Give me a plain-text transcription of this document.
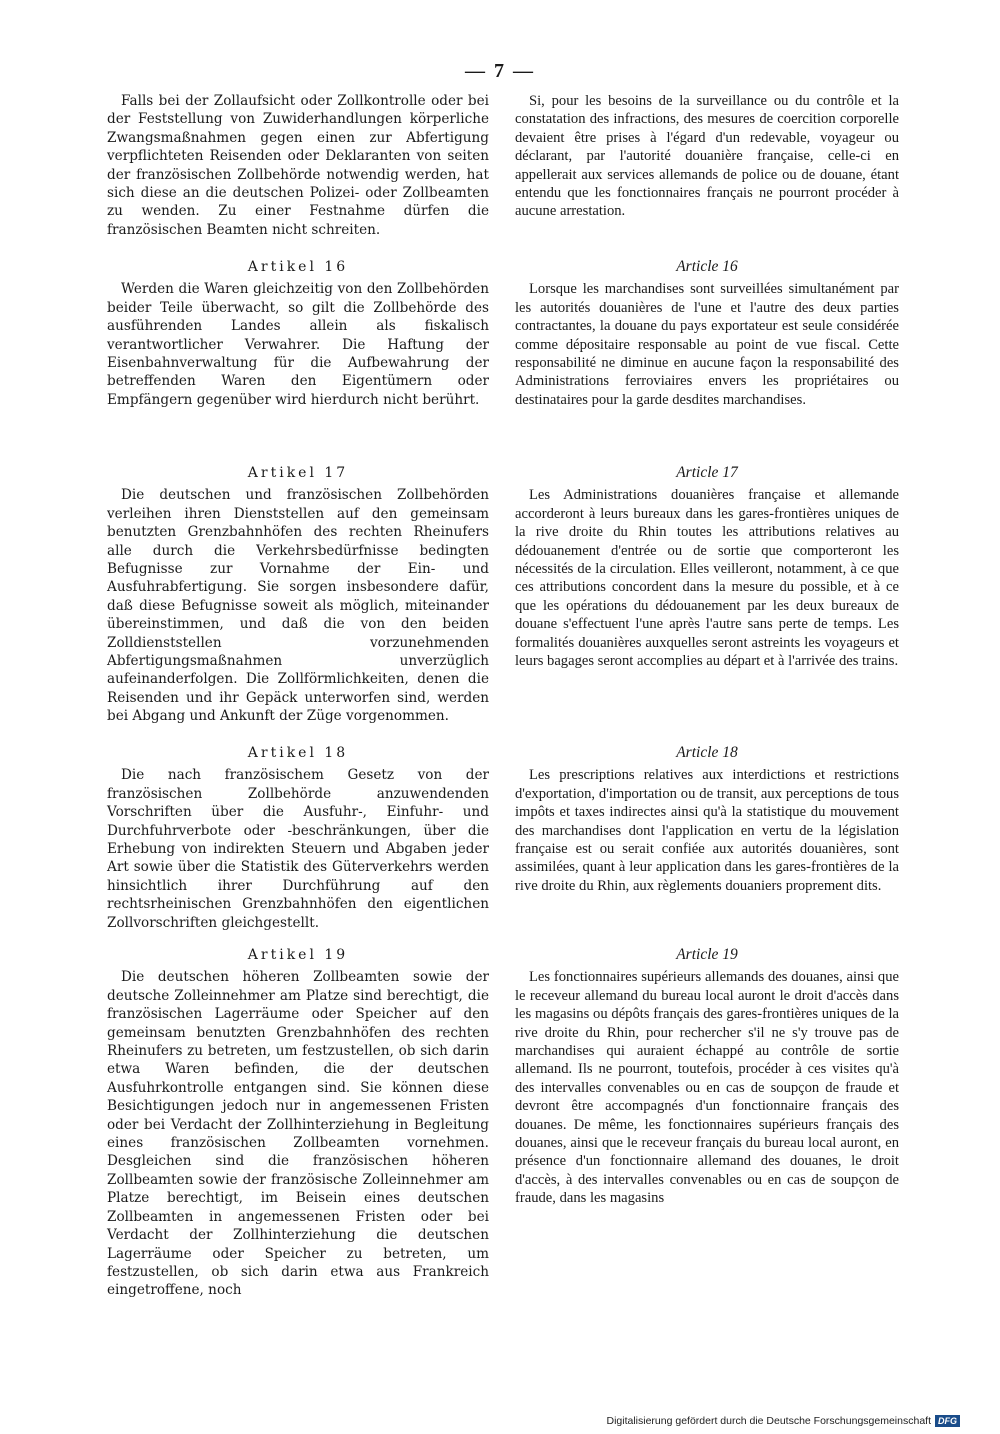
— 7 —

Falls bei der Zollaufsicht oder Zollkontrolle oder bei der Feststellung von Zuwiderhandlungen körperliche Zwangsmaßnahmen gegen einen zur Abfertigung verpflichteten Reisenden oder Deklaranten von seiten der französischen Zollbehörde notwendig werden, hat sich diese an die deutschen Polizei- oder Zollbeamten zu wenden. Zu einer Festnahme dürfen die französischen Beamten nicht schreiten.

Artikel 16

Werden die Waren gleichzeitig von den Zollbehörden beider Teile überwacht, so gilt die Zollbehörde des ausführenden Landes allein als fiskalisch verantwortlicher Verwahrer. Die Haftung der Eisenbahnverwaltung für die Aufbewahrung der betreffenden Waren den Eigentümern oder Empfängern gegenüber wird hierdurch nicht berührt.

Artikel 17

Die deutschen und französischen Zollbehörden verleihen ihren Dienststellen auf den gemeinsam benutzten Grenzbahnhöfen des rechten Rheinufers alle durch die Verkehrsbedürfnisse bedingten Befugnisse zur Vornahme der Ein- und Ausfuhrabfertigung. Sie sorgen insbesondere dafür, daß diese Befugnisse soweit als möglich, miteinander übereinstimmen, und daß die von den beiden Zolldienststellen vorzunehmenden Abfertigungsmaßnahmen unverzüglich aufeinanderfolgen. Die Zollförmlichkeiten, denen die Reisenden und ihr Gepäck unterworfen sind, werden bei Abgang und Ankunft der Züge vorgenommen.

Artikel 18

Die nach französischem Gesetz von der französischen Zollbehörde anzuwendenden Vorschriften über die Ausfuhr-, Einfuhr- und Durchfuhrverbote oder -beschränkungen, über die Erhebung von indirekten Steuern und Abgaben jeder Art sowie über die Statistik des Güterverkehrs werden hinsichtlich ihrer Durchführung auf den rechtsrheinischen Grenzbahnhöfen den eigentlichen Zollvorschriften gleichgestellt.

Artikel 19

Die deutschen höheren Zollbeamten sowie der deutsche Zolleinnehmer am Platze sind berechtigt, die französischen Lagerräume oder Speicher auf den gemeinsam benutzten Grenzbahnhöfen des rechten Rheinufers zu betreten, um festzustellen, ob sich darin etwa Waren befinden, die der deutschen Ausfuhrkontrolle entgangen sind. Sie können diese Besichtigungen jedoch nur in angemessenen Fristen oder bei Verdacht der Zollhinterziehung in Begleitung eines französischen Zollbeamten vornehmen. Desgleichen sind die französischen höheren Zollbeamten sowie der französische Zolleinnehmer am Platze berechtigt, im Beisein eines deutschen Zollbeamten in angemessenen Fristen oder bei Verdacht der Zollhinterziehung die deutschen Lagerräume oder Speicher zu betreten, um festzustellen, ob sich darin etwa aus Frankreich eingetroffene, noch

Si, pour les besoins de la surveillance ou du contrôle et la constatation des infractions, des mesures de coercition corporelle devaient être prises à l'égard d'un redevable, voyageur ou déclarant, par l'autorité douanière française, celle-ci en appellerait aux services allemands de police ou de douane, étant entendu que les fonctionnaires français ne pourront procéder à aucune arrestation.

Article 16

Lorsque les marchandises sont surveillées simultanément par les autorités douanières de l'une et l'autre des deux parties contractantes, la douane du pays exportateur est seule considérée comme dépositaire responsable au point de vue fiscal. Cette responsabilité ne diminue en aucune façon la responsabilité des Administrations ferroviaires envers les propriétaires ou destinataires pour la garde desdites marchandises.

Article 17

Les Administrations douanières française et allemande accorderont à leurs bureaux dans les gares-frontières uniques de la rive droite du Rhin toutes les attributions relatives au dédouanement d'entrée ou de sortie que comporteront les nécessités de la circulation. Elles veilleront, notamment, à ce que ces attributions concordent dans la mesure du possible, et à ce que les opérations du dédouanement par les deux bureaux de douane s'effectuent l'une après l'autre sans perte de temps. Les formalités douanières auxquelles seront astreints les voyageurs et leurs bagages seront accomplies au départ et à l'arrivée des trains.

Article 18

Les prescriptions relatives aux interdictions et restrictions d'exportation, d'importation ou de transit, aux perceptions de tous impôts et taxes indirectes ainsi qu'à la statistique du mouvement des marchandises dont l'application en vertu de la législation française est ou serait confiée aux autorités douanières, sont assimilées, quant à leur application dans les gares-frontières de la rive droite du Rhin, aux règlements douaniers proprement dits.

Article 19

Les fonctionnaires supérieurs allemands des douanes, ainsi que le receveur allemand du bureau local auront le droit d'accès dans les magasins ou dépôts français des gares-frontières uniques de la rive droite du Rhin, pour rechercher s'il ne s'y trouve pas de marchandises qui auraient échappé au contrôle de sortie allemand. Ils ne pourront, toutefois, procéder à ces visites qu'à des intervalles convenables ou en cas de soupçon de fraude et devront être accompagnés d'un fonctionnaire français des douanes. De même, les fonctionnaires supérieurs français des douanes, ainsi que le receveur français du bureau local auront, en présence d'un fonctionnaire allemand des douanes, le droit d'accès, à des intervalles convenables ou en cas de soupçon de fraude, dans les magasins

Digitalisierung gefördert durch die Deutsche Forschungsgemeinschaft DFG
